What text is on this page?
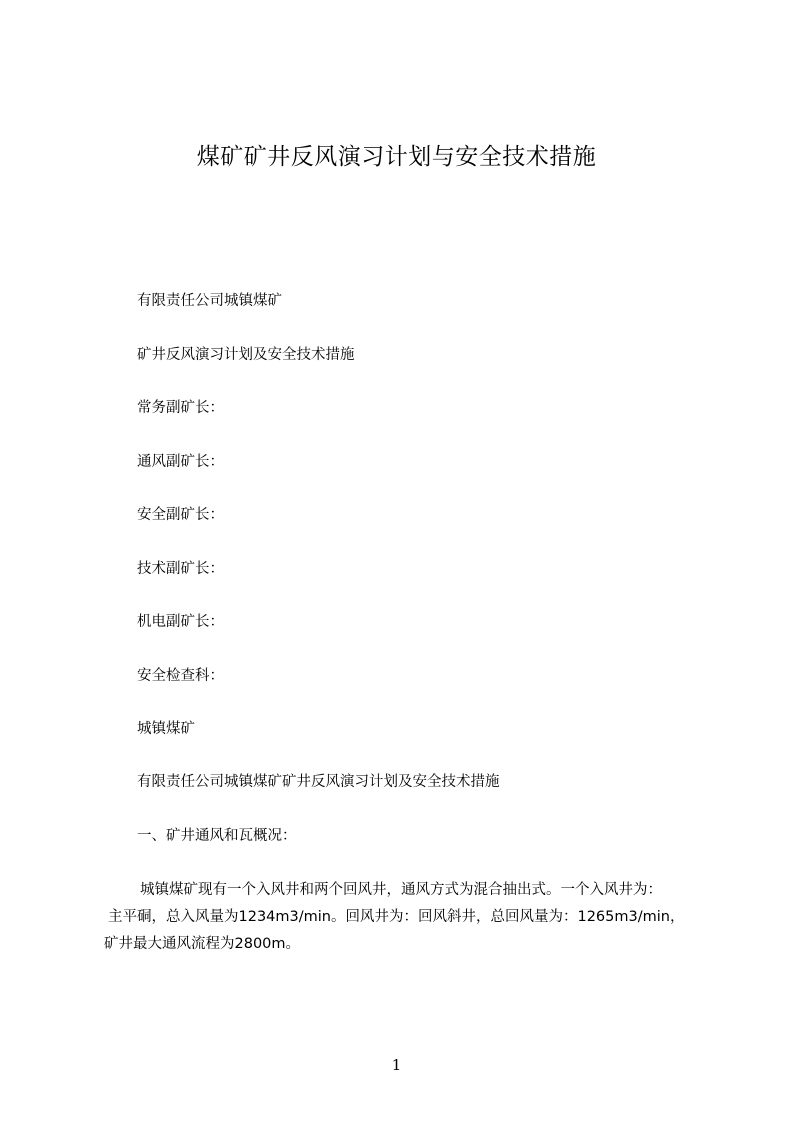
煤矿矿井反风演习计划与安全技术措施
有限责任公司城镇煤矿
矿井反风演习计划及安全技术措施
常务副矿长：
通风副矿长：
安全副矿长：
技术副矿长：
机电副矿长：
安全检查科：
城镇煤矿
有限责任公司城镇煤矿矿井反风演习计划及安全技术措施
一、矿井通风和瓦概况：
城镇煤矿现有一个入风井和两个回风井，通风方式为混合抽出式。一个入风井为：
主平硐，总入风量为1234m3/min。回风井为：回风斜井，总回风量为：1265m3/min，
矿井最大通风流程为2800m。
1
